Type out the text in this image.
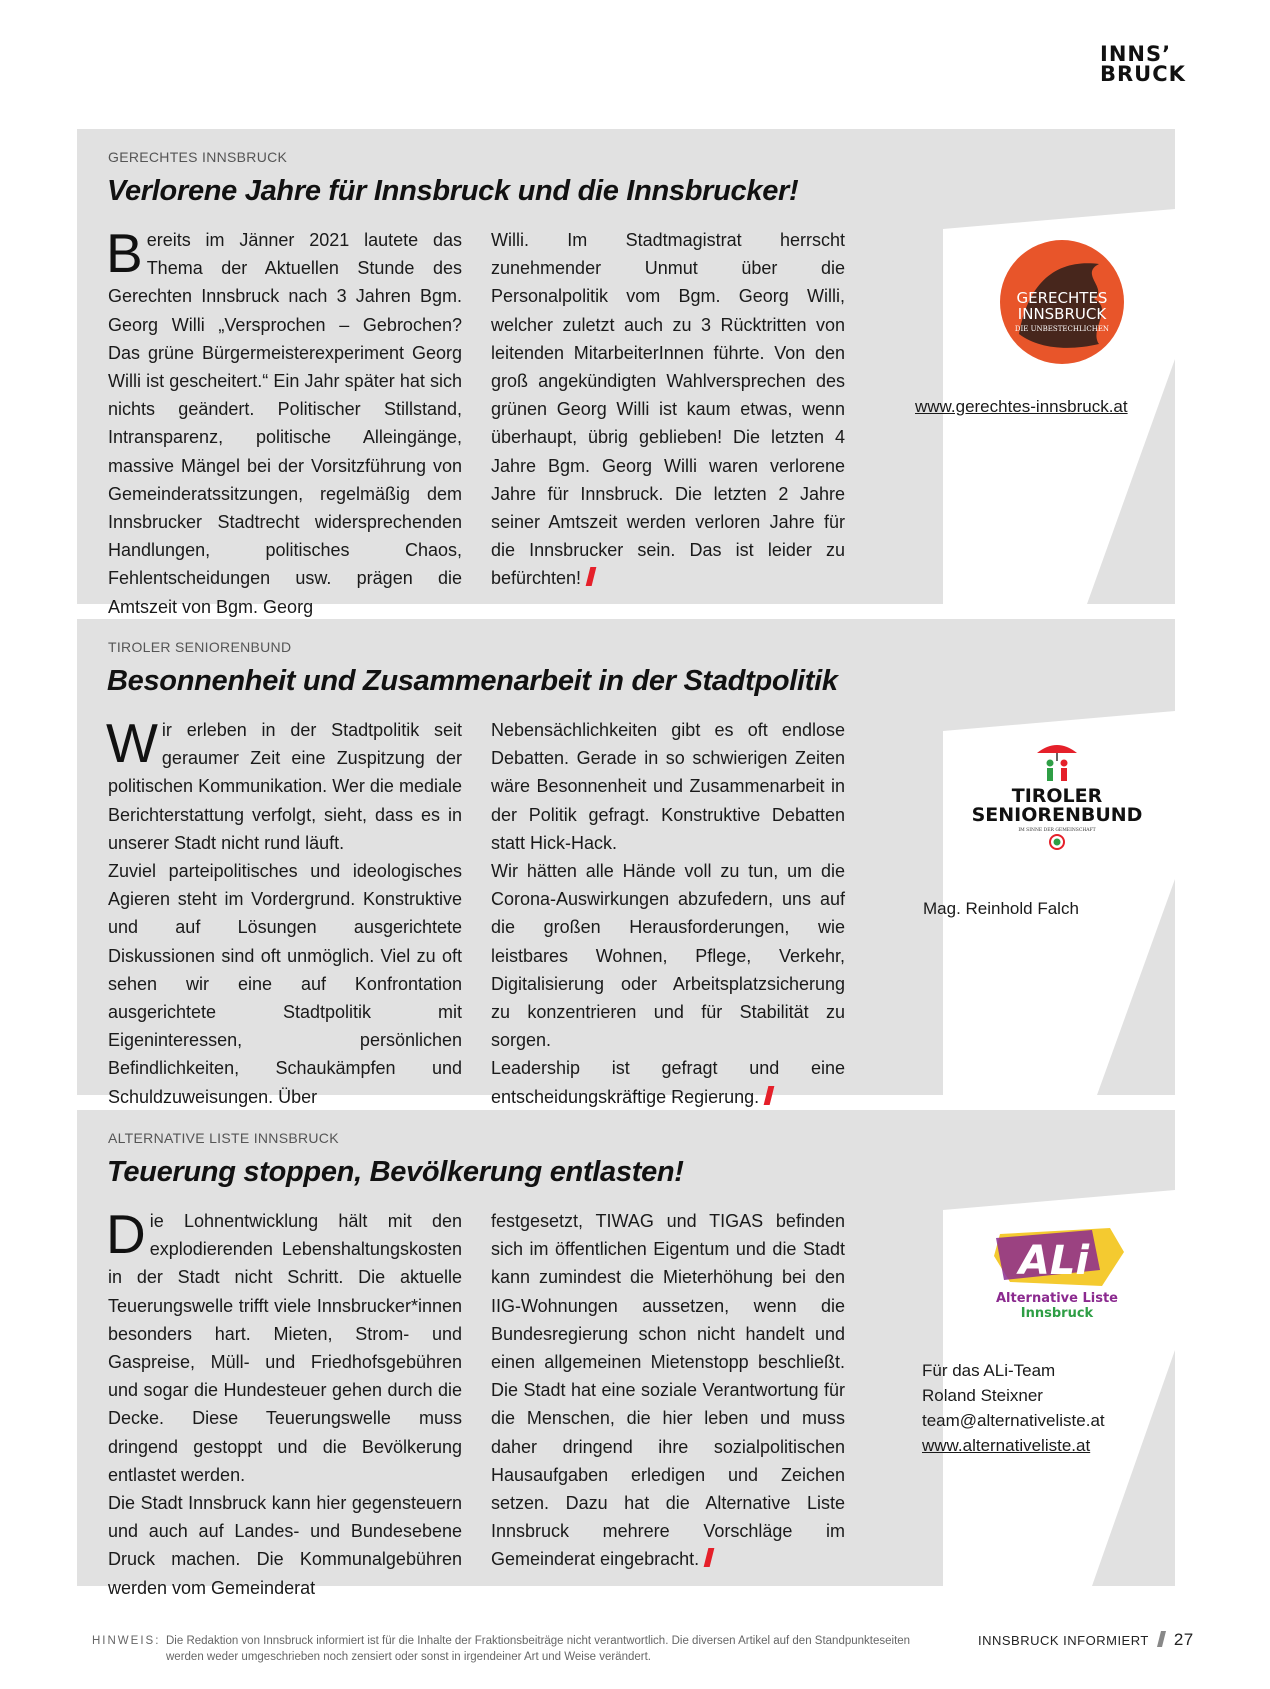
INNS’
BRUCK
GERECHTES INNSBRUCK
Verlorene Jahre für Innsbruck und die Innsbrucker!

Bereits im Jänner 2021 lautete das Thema der Aktuellen Stunde des Gerechten Innsbruck nach 3 Jahren Bgm. Georg Willi „Versprochen – Gebrochen? Das grüne Bürgermeisterexperiment Georg Willi ist gescheitert.“ Ein Jahr später hat sich nichts geändert. Politischer Stillstand, Intransparenz, politische Alleingänge, massive Mängel bei der Vorsitzführung von Gemeinderatssitzungen, regelmäßig dem Innsbrucker Stadtrecht widersprechenden Handlungen, politisches Chaos, Fehlentscheidungen usw. prägen die Amtszeit von Bgm. Georg

Willi. Im Stadtmagistrat herrscht zunehmender Unmut über die Personalpolitik vom Bgm. Georg Willi, welcher zuletzt auch zu 3 Rücktritten von leitenden MitarbeiterInnen führte. Von den groß angekündigten Wahlversprechen des grünen Georg Willi ist kaum etwas, wenn überhaupt, übrig geblieben! Die letzten 4 Jahre Bgm. Georg Willi waren verlorene Jahre für Innsbruck. Die letzten 2 Jahre seiner Amtszeit werden verloren Jahre für die Innsbrucker sein. Das ist leider zu befürchten!

GERECHTES
INNSBRUCK
DIE UNBESTECHLICHEN
www.gerechtes-innsbruck.at
TIROLER SENIORENBUND
Besonnenheit und Zusammenarbeit in der Stadtpolitik

Wir erleben in der Stadtpolitik seit geraumer Zeit eine Zuspitzung der politischen Kommunikation. Wer die mediale Berichterstattung verfolgt, sieht, dass es in unserer Stadt nicht rund läuft.

Zuviel parteipolitisches und ideologisches Agieren steht im Vordergrund. Konstruktive und auf Lösungen ausgerichtete Diskussionen sind oft unmöglich. Viel zu oft sehen wir eine auf Konfrontation ausgerichtete Stadtpolitik mit Eigeninteressen, persönlichen Befindlichkeiten, Schaukämpfen und Schuldzuweisungen. Über

Nebensächlichkeiten gibt es oft endlose Debatten. Gerade in so schwierigen Zeiten wäre Besonnenheit und Zusammenarbeit in der Politik gefragt. Konstruktive Debatten statt Hick-Hack.

Wir hätten alle Hände voll zu tun, um die Corona-Auswirkungen abzufedern, uns auf die großen Herausforderungen, wie leistbares Wohnen, Pflege, Verkehr, Digitalisierung oder Arbeitsplatzsicherung zu konzentrieren und für Stabilität zu sorgen.

Leadership ist gefragt und eine entscheidungskräftige Regierung.

TIROLER
SENIORENBUND
IM SINNE DER GEMEINSCHAFT
Mag. Reinhold Falch
ALTERNATIVE LISTE INNSBRUCK
Teuerung stoppen, Bevölkerung entlasten!

Die Lohnentwicklung hält mit den explodierenden Lebenshaltungskosten in der Stadt nicht Schritt. Die aktuelle Teuerungswelle trifft viele Innsbrucker*innen besonders hart. Mieten, Strom- und Gaspreise, Müll- und Friedhofsgebühren und sogar die Hundesteuer gehen durch die Decke. Diese Teuerungswelle muss dringend gestoppt und die Bevölkerung entlastet werden.

Die Stadt Innsbruck kann hier gegensteuern und auch auf Landes- und Bundesebene Druck machen. Die Kommunalgebühren werden vom Gemeinderat

festgesetzt, TIWAG und TIGAS befinden sich im öffentlichen Eigentum und die Stadt kann zumindest die Mieterhöhung bei den IIG-Wohnungen aussetzen, wenn die Bundesregierung schon nicht handelt und einen allgemeinen Mietenstopp beschließt. Die Stadt hat eine soziale Verantwortung für die Menschen, die hier leben und muss daher dringend ihre sozialpolitischen Hausaufgaben erledigen und Zeichen setzen. Dazu hat die Alternative Liste Innsbruck mehrere Vorschläge im Gemeinderat eingebracht.

ALi
Alternative Liste
Innsbruck
Für das ALi-Team
Roland Steixner
team@alternativeliste.at
www.alternativeliste.at
HINWEIS: Die Redaktion von Innsbruck informiert ist für die Inhalte der Fraktionsbeiträge nicht verantwortlich. Die diversen Artikel auf den Standpunkteseiten werden weder umgeschrieben noch zensiert oder sonst in irgendeiner Art und Weise verändert.
INNSBRUCK INFORMIERT 27
